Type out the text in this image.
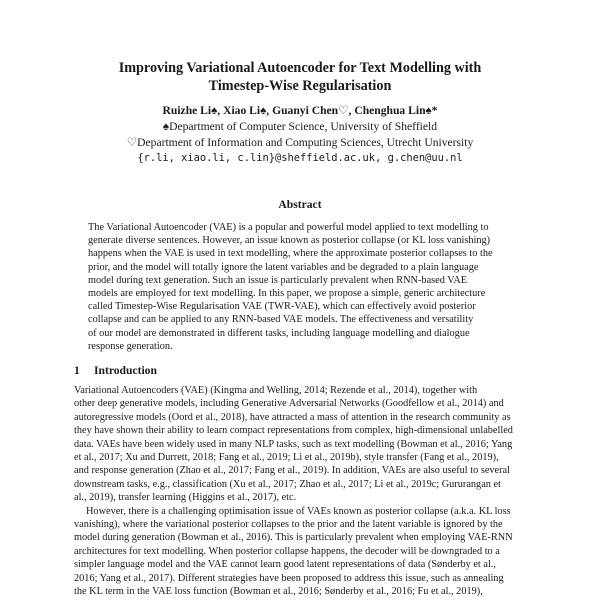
Improving Variational Autoencoder for Text Modelling with
Timestep-Wise Regularisation
Ruizhe Li♠, Xiao Li♠, Guanyi Chen♡, Chenghua Lin♠*
♠Department of Computer Science, University of Sheffield
♡Department of Information and Computing Sciences, Utrecht University
{r.li, xiao.li, c.lin}@sheffield.ac.uk, g.chen@uu.nl
Abstract
The Variational Autoencoder (VAE) is a popular and powerful model applied to text modelling to
generate diverse sentences. However, an issue known as posterior collapse (or KL loss vanishing)
happens when the VAE is used in text modelling, where the approximate posterior collapses to the
prior, and the model will totally ignore the latent variables and be degraded to a plain language
model during text generation. Such an issue is particularly prevalent when RNN-based VAE
models are employed for text modelling. In this paper, we propose a simple, generic architecture
called Timestep-Wise Regularisation VAE (TWR-VAE), which can effectively avoid posterior
collapse and can be applied to any RNN-based VAE models. The effectiveness and versatility
of our model are demonstrated in different tasks, including language modelling and dialogue
response generation.
1 Introduction
Variational Autoencoders (VAE) (Kingma and Welling, 2014; Rezende et al., 2014), together with
other deep generative models, including Generative Adversarial Networks (Goodfellow et al., 2014) and
autoregressive models (Oord et al., 2018), have attracted a mass of attention in the research community as
they have shown their ability to learn compact representations from complex, high-dimensional unlabelled
data. VAEs have been widely used in many NLP tasks, such as text modelling (Bowman et al., 2016; Yang
et al., 2017; Xu and Durrett, 2018; Fang et al., 2019; Li et al., 2019b), style transfer (Fang et al., 2019),
and response generation (Zhao et al., 2017; Fang et al., 2019). In addition, VAEs are also useful to several
downstream tasks, e.g., classification (Xu et al., 2017; Zhao et al., 2017; Li et al., 2019c; Gururangan et
al., 2019), transfer learning (Higgins et al., 2017), etc.
However, there is a challenging optimisation issue of VAEs known as posterior collapse (a.k.a. KL loss
vanishing), where the variational posterior collapses to the prior and the latent variable is ignored by the
model during generation (Bowman et al., 2016). This is particularly prevalent when employing VAE-RNN
architectures for text modelling. When posterior collapse happens, the decoder will be downgraded to a
simpler language model and the VAE cannot learn good latent representations of data (Sønderby et al.,
2016; Yang et al., 2017). Different strategies have been proposed to address this issue, such as annealing
the KL term in the VAE loss function (Bowman et al., 2016; Sønderby et al., 2016; Fu et al., 2019),
